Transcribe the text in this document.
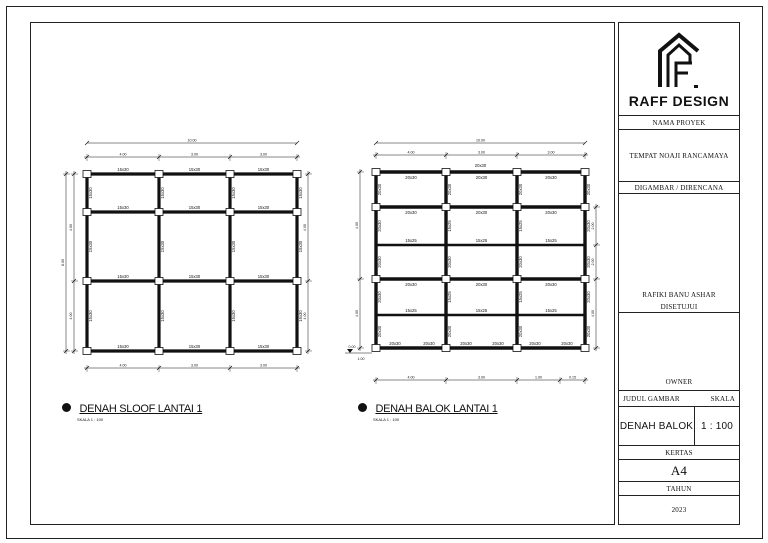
15x30	15x30	15x30
15x30	15x30	15x30
15x30	15x30	15x30
15x30	15x30	15x30
15x30
15x30
15x30
15x30
15x30
15x30
15x30
15x30
15x30
15x30
15x30
15x30
10.00
4.00	3.00	3.00
4.00	3.00	3.00
8.00
4.00
4.00
4.00
4.00
20x30	20x30	20x30
20x30	20x30	20x30
20x30	20x30	20x30
15x25	15x25	15x25
15x25	15x25	15x25
20x30	20x30	20x30	20x30	20x30	20x30
20x30
20x30	20x30	20x30	20x30
20x30	15x25	15x25	20x30
20x30	20x30	20x30	20x30
20x30	15x25	15x25	20x30
20x30	20x30	20x30	20x30
10.00
4.00	3.00	3.00
4.00	3.00	1.00	0.15
4.00
4.00
2.00
2.00
4.00
0.00
1.00
DENAH SLOOF LANTAI 1
SKALA 1 : 100
DENAH BALOK LANTAI 1
SKALA 1 : 100
RAFF DESIGN
NAMA PROYEK
TEMPAT NOAJI RANCAMAYA
DIGAMBAR / DIRENCANA
RAFIKI BANU ASHAR
DISETUJUI
OWNER
JUDUL GAMBAR	SKALA
DENAH BALOK 1 : 100
KERTAS
A4
TAHUN
2023
